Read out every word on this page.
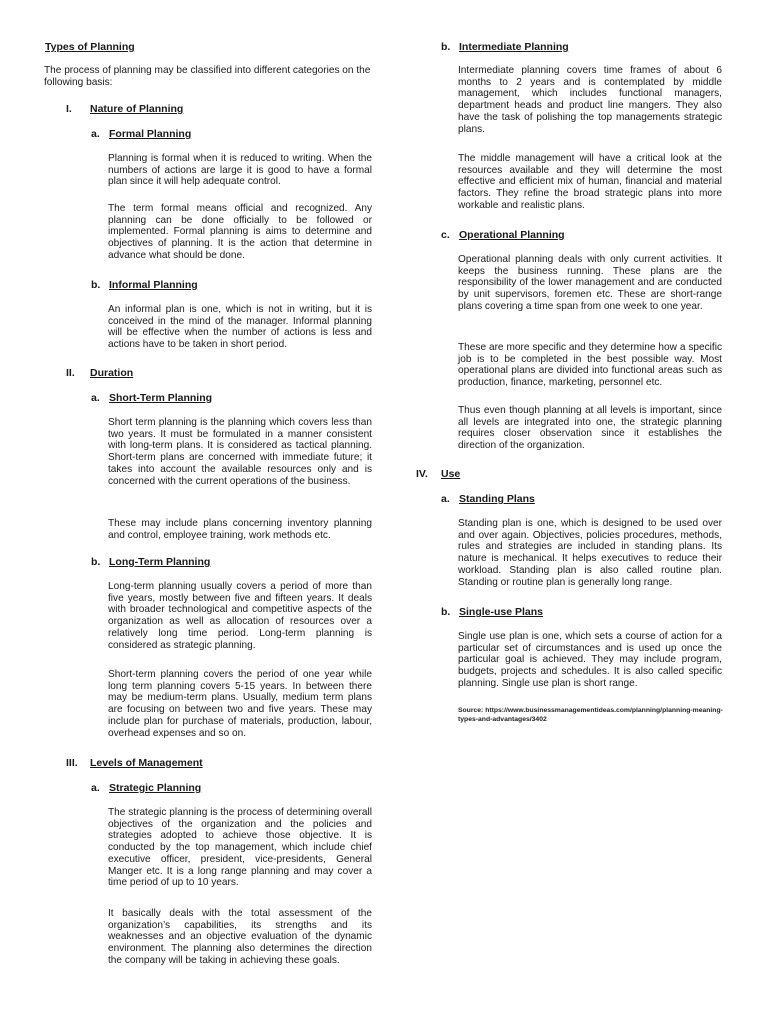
Types of Planning

The process of planning may be classified into different categories on the following basis:

I. Nature of Planning
a. Formal Planning

Planning is formal when it is reduced to writing. When the numbers of actions are large it is good to have a formal plan since it will help adequate control.

The term formal means official and recognized. Any planning can be done officially to be followed or implemented. Formal planning is aims to determine and objectives of planning. It is the action that determine in advance what should be done.

b. Informal Planning

An informal plan is one, which is not in writing, but it is conceived in the mind of the manager. Informal planning will be effective when the number of actions is less and actions have to be taken in short period.

II. Duration
a. Short-Term Planning

Short term planning is the planning which covers less than two years. It must be formulated in a manner consistent with long-term plans. It is considered as tactical planning. Short-term plans are concerned with immediate future; it takes into account the available resources only and is concerned with the current operations of the business.

These may include plans concerning inventory planning and control, employee training, work methods etc.

b. Long-Term Planning

Long-term planning usually covers a period of more than five years, mostly between five and fifteen years. It deals with broader technological and competitive aspects of the organization as well as allocation of resources over a relatively long time period. Long-term planning is considered as strategic planning.

Short-term planning covers the period of one year while long term planning covers 5-15 years. In between there may be medium-term plans. Usually, medium term plans are focusing on between two and five years. These may include plan for purchase of materials, production, labour, overhead expenses and so on.

III. Levels of Management
a. Strategic Planning

The strategic planning is the process of determining overall objectives of the organization and the policies and strategies adopted to achieve those objective. It is conducted by the top management, which include chief executive officer, president, vice-presidents, General Manger etc. It is a long range planning and may cover a time period of up to 10 years.

It basically deals with the total assessment of the organization’s capabilities, its strengths and its weaknesses and an objective evaluation of the dynamic environment. The planning also determines the direction the company will be taking in achieving these goals.

b. Intermediate Planning

Intermediate planning covers time frames of about 6 months to 2 years and is contemplated by middle management, which includes functional managers, department heads and product line mangers. They also have the task of polishing the top managements strategic plans.

The middle management will have a critical look at the resources available and they will determine the most effective and efficient mix of human, financial and material factors. They refine the broad strategic plans into more workable and realistic plans.

c. Operational Planning

Operational planning deals with only current activities. It keeps the business running. These plans are the responsibility of the lower management and are conducted by unit supervisors, foremen etc. These are short-range plans covering a time span from one week to one year.

These are more specific and they determine how a specific job is to be completed in the best possible way. Most operational plans are divided into functional areas such as production, finance, marketing, personnel etc.

Thus even though planning at all levels is important, since all levels are integrated into one, the strategic planning requires closer observation since it establishes the direction of the organization.

IV. Use
a. Standing Plans

Standing plan is one, which is designed to be used over and over again. Objectives, policies procedures, methods, rules and strategies are included in standing plans. Its nature is mechanical. It helps executives to reduce their workload. Standing plan is also called routine plan. Standing or routine plan is generally long range.

b. Single-use Plans

Single use plan is one, which sets a course of action for a particular set of circumstances and is used up once the particular goal is achieved. They may include program, budgets, projects and schedules. It is also called specific planning. Single use plan is short range.

Source: https://www.businessmanagementideas.com/planning/planning-meaning-types-and-advantages/3402
